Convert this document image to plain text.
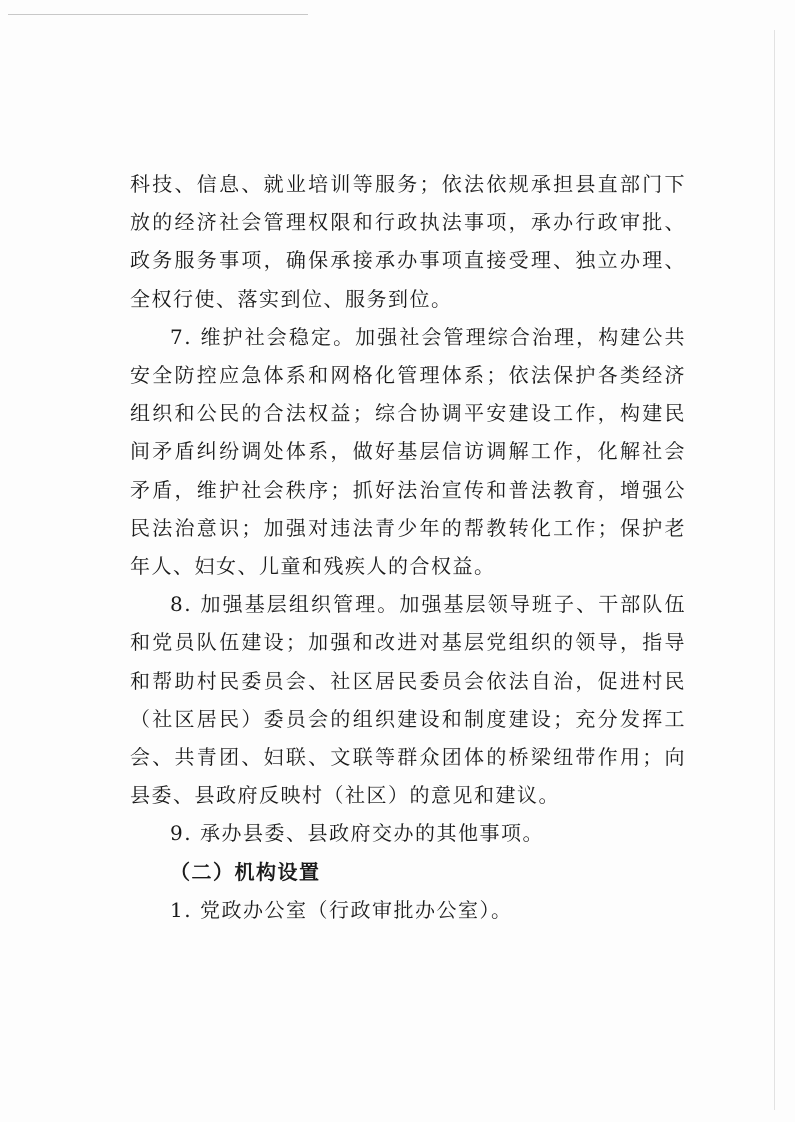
科技、信息、就业培训等服务；依法依规承担县直部门下放的经济社会管理权限和行政执法事项，承办行政审批、政务服务事项，确保承接承办事项直接受理、独立办理、全权行使、落实到位、服务到位。

7. 维护社会稳定。加强社会管理综合治理，构建公共安全防控应急体系和网格化管理体系；依法保护各类经济组织和公民的合法权益；综合协调平安建设工作，构建民间矛盾纠纷调处体系，做好基层信访调解工作，化解社会矛盾，维护社会秩序；抓好法治宣传和普法教育，增强公民法治意识；加强对违法青少年的帮教转化工作；保护老年人、妇女、儿童和残疾人的合权益。

8. 加强基层组织管理。加强基层领导班子、干部队伍和党员队伍建设；加强和改进对基层党组织的领导，指导和帮助村民委员会、社区居民委员会依法自治，促进村民（社区居民）委员会的组织建设和制度建设；充分发挥工会、共青团、妇联、文联等群众团体的桥梁纽带作用；向县委、县政府反映村（社区）的意见和建议。

9. 承办县委、县政府交办的其他事项。

（二）机构设置

1. 党政办公室（行政审批办公室）。
